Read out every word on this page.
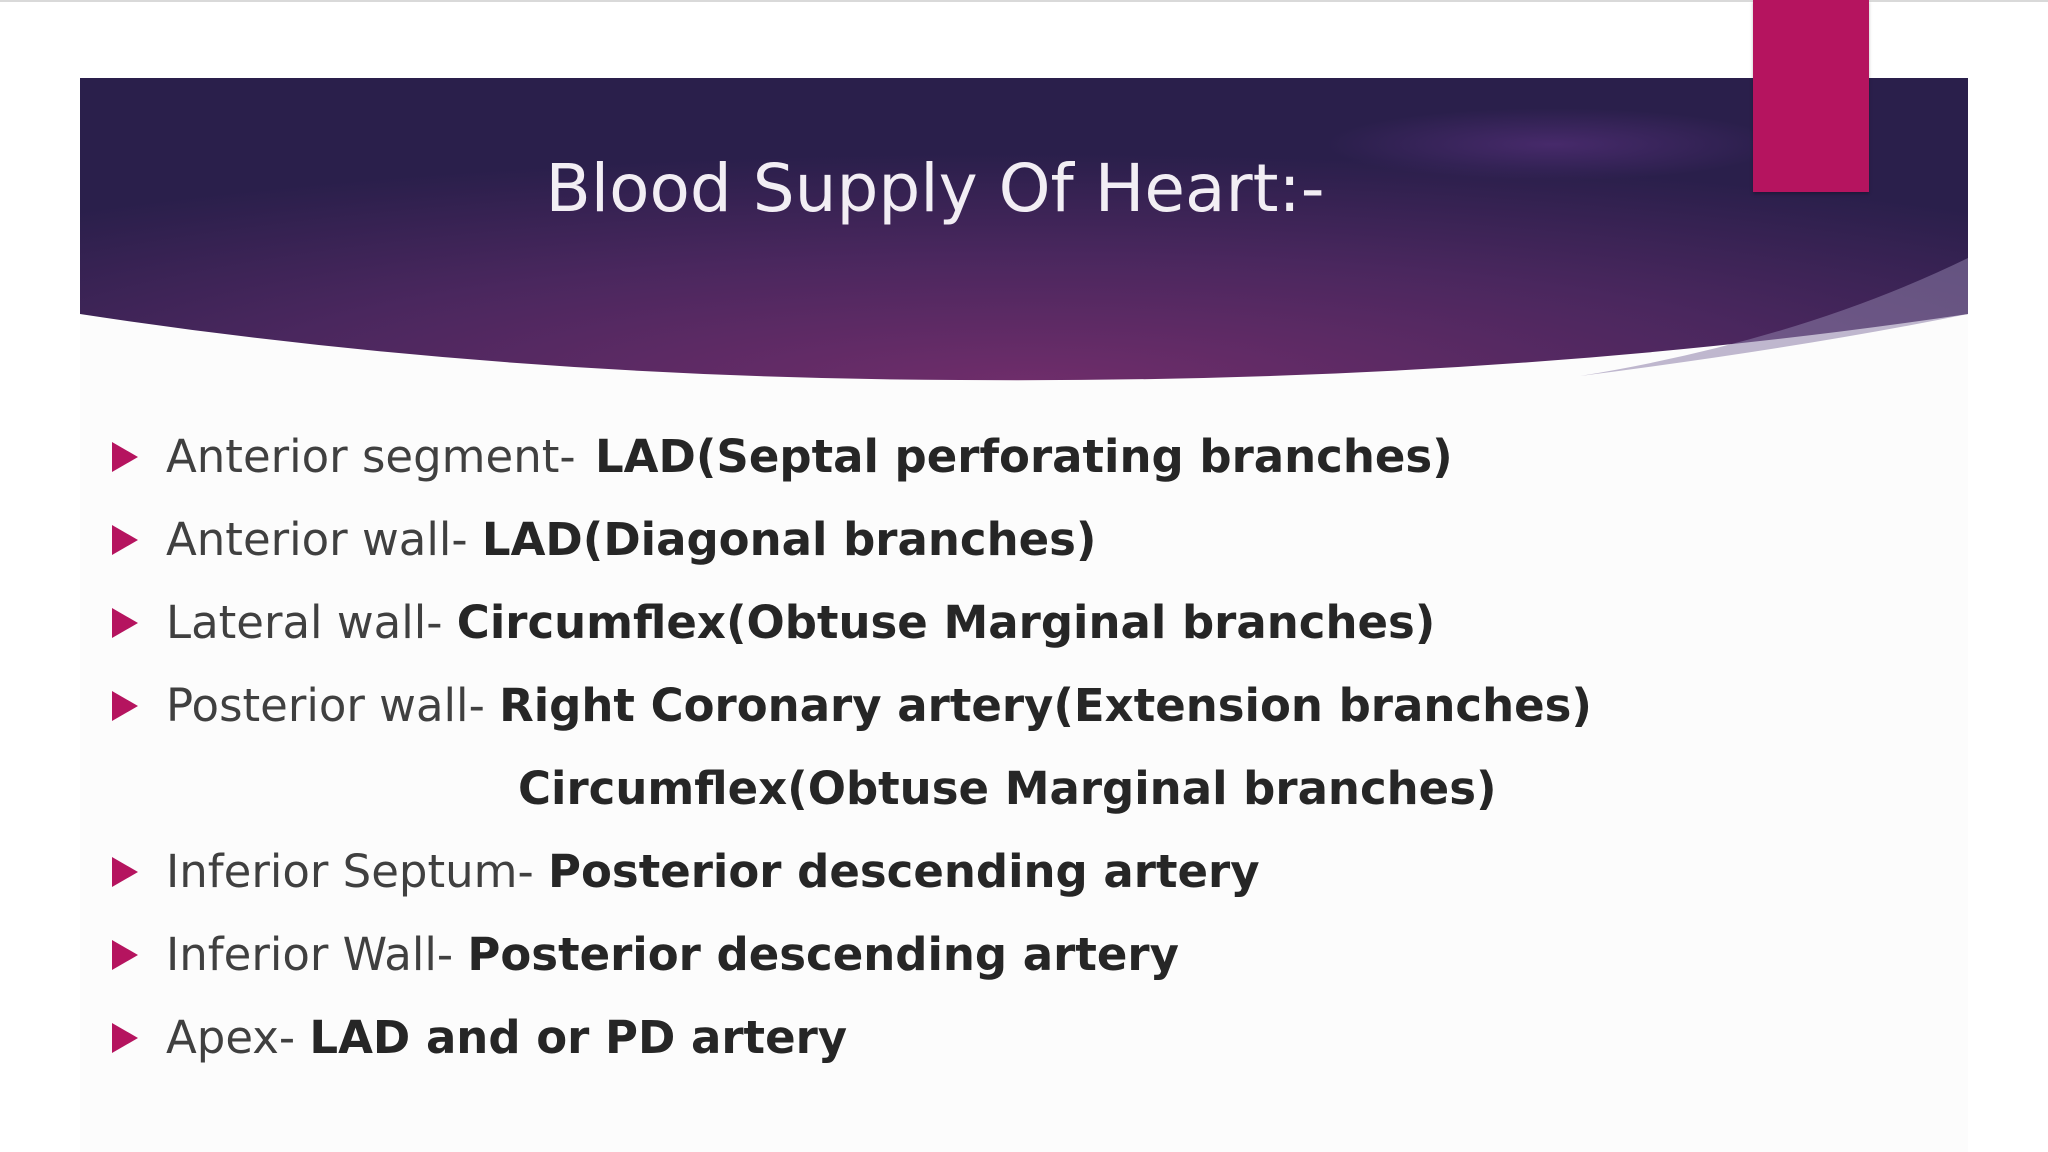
Blood Supply Of Heart:-
Anterior segment-
LAD(Septal perforating branches)
Anterior wall- LAD(Diagonal branches)
Lateral wall- Circumflex(Obtuse Marginal branches)
Posterior wall- Right Coronary artery(Extension branches)
Circumflex(Obtuse Marginal branches)
Inferior Septum- Posterior descending artery
Inferior Wall- Posterior descending artery
Apex- LAD and or PD artery
